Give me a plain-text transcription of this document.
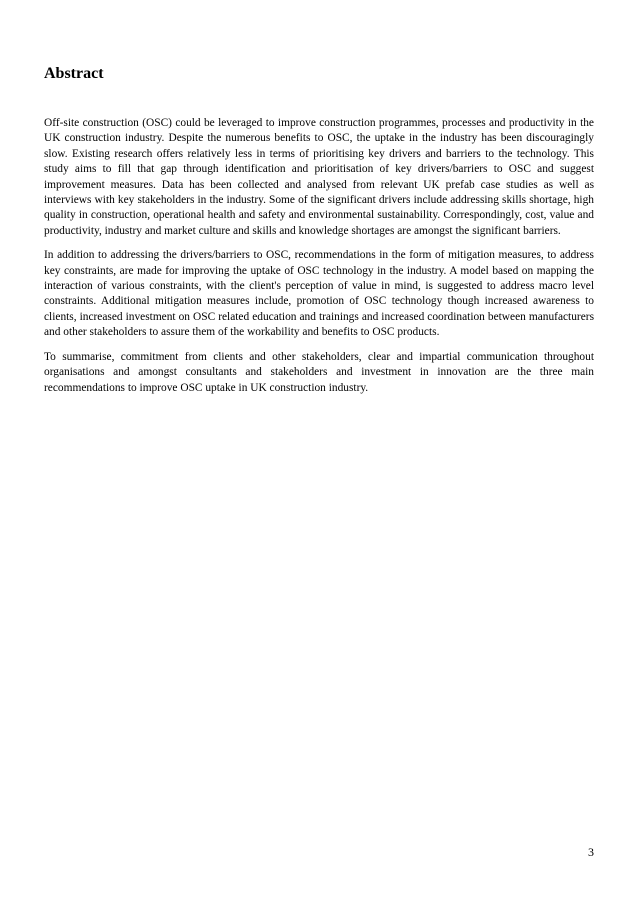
Abstract

Off-site construction (OSC) could be leveraged to improve construction programmes, processes and productivity in the UK construction industry. Despite the numerous benefits to OSC, the uptake in the industry has been discouragingly slow. Existing research offers relatively less in terms of prioritising key drivers and barriers to the technology. This study aims to fill that gap through identification and prioritisation of key drivers/barriers to OSC and suggest improvement measures. Data has been collected and analysed from relevant UK prefab case studies as well as interviews with key stakeholders in the industry. Some of the significant drivers include addressing skills shortage, high quality in construction, operational health and safety and environmental sustainability. Correspondingly, cost, value and productivity, industry and market culture and skills and knowledge shortages are amongst the significant barriers.

In addition to addressing the drivers/barriers to OSC, recommendations in the form of mitigation measures, to address key constraints, are made for improving the uptake of OSC technology in the industry. A model based on mapping the interaction of various constraints, with the client's perception of value in mind, is suggested to address macro level constraints. Additional mitigation measures include, promotion of OSC technology though increased awareness to clients, increased investment on OSC related education and trainings and increased coordination between manufacturers and other stakeholders to assure them of the workability and benefits to OSC products.

To summarise, commitment from clients and other stakeholders, clear and impartial communication throughout organisations and amongst consultants and stakeholders and investment in innovation are the three main recommendations to improve OSC uptake in UK construction industry.

3
